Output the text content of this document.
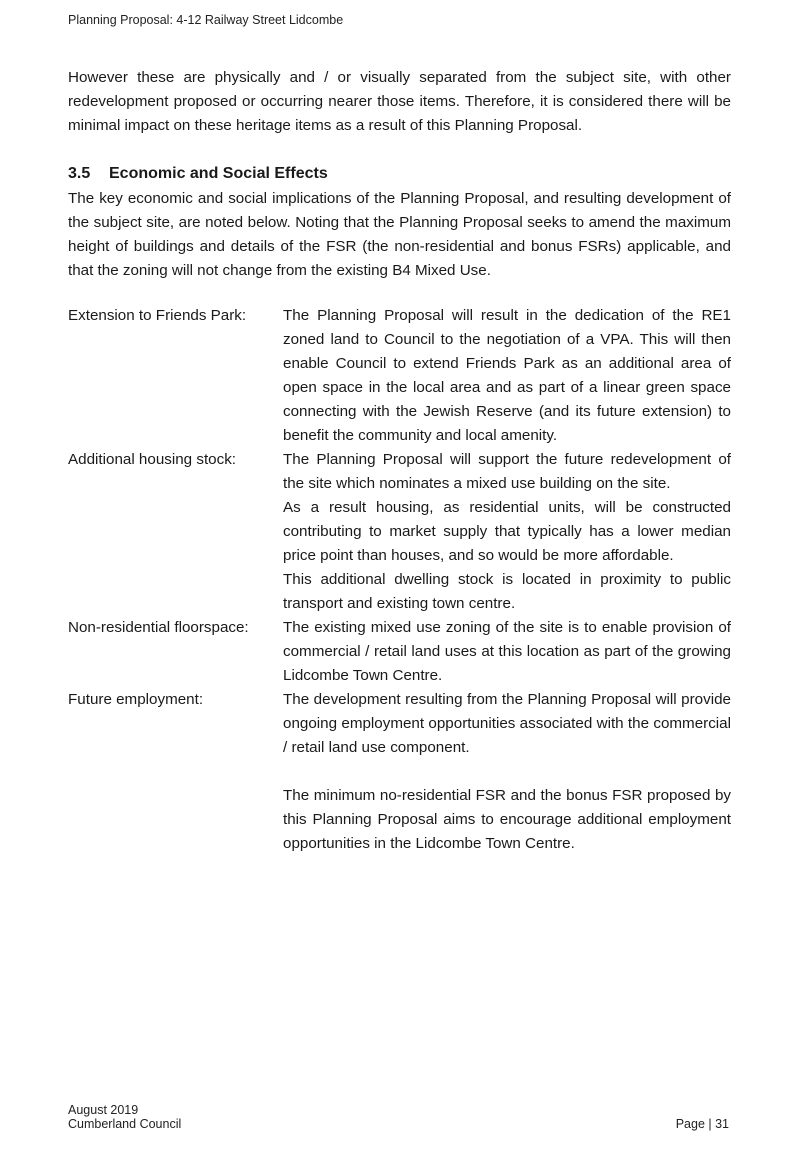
Planning Proposal: 4-12 Railway Street Lidcombe

However these are physically and / or visually separated from the subject site, with other redevelopment proposed or occurring nearer those items. Therefore, it is considered there will be minimal impact on these heritage items as a result of this Planning Proposal.

3.5	Economic and Social Effects

The key economic and social implications of the Planning Proposal, and resulting development of the subject site, are noted below. Noting that the Planning Proposal seeks to amend the maximum height of buildings and details of the FSR (the non-residential and bonus FSRs) applicable, and that the zoning will not change from the existing B4 Mixed Use.

Extension to Friends Park:	The Planning Proposal will result in the dedication of the RE1 zoned land to Council to the negotiation of a VPA. This will then enable Council to extend Friends Park as an additional area of open space in the local area and as part of a linear green space connecting with the Jewish Reserve (and its future extension) to benefit the community and local amenity.

Additional housing stock:	The Planning Proposal will support the future redevelopment of the site which nominates a mixed use building on the site.

As a result housing, as residential units, will be constructed contributing to market supply that typically has a lower median price point than houses, and so would be more affordable.

This additional dwelling stock is located in proximity to public transport and existing town centre.

Non-residential floorspace:	The existing mixed use zoning of the site is to enable provision of commercial / retail land uses at this location as part of the growing Lidcombe Town Centre.

Future employment:	The development resulting from the Planning Proposal will provide ongoing employment opportunities associated with the commercial / retail land use component.

The minimum no-residential FSR and the bonus FSR proposed by this Planning Proposal aims to encourage additional employment opportunities in the Lidcombe Town Centre.

August 2019
Cumberland Council	Page | 31
